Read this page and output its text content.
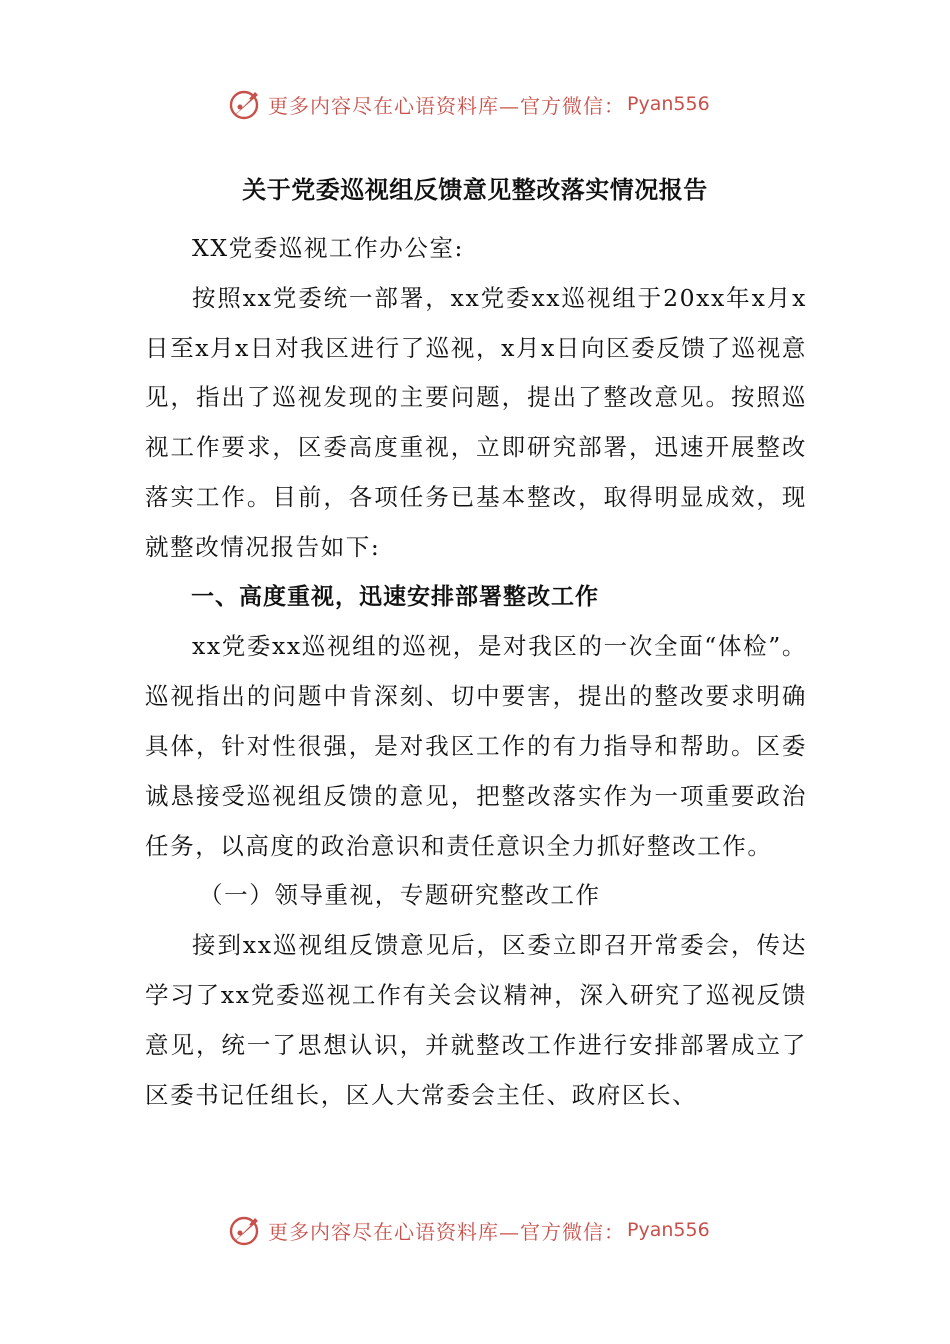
更多内容尽在心语资料库—官方微信： Pyan556
关于党委巡视组反馈意见整改落实情况报告

XX党委巡视工作办公室:

按照xx党委统一部署，xx党委xx巡视组于20xx年x月x日至x月x日对我区进行了巡视，x月x日向区委反馈了巡视意见，指出了巡视发现的主要问题，提出了整改意见。按照巡视工作要求，区委高度重视，立即研究部署，迅速开展整改落实工作。目前，各项任务已基本整改，取得明显成效，现就整改情况报告如下:

一、高度重视，迅速安排部署整改工作

xx党委xx巡视组的巡视，是对我区的一次全面“体检”。巡视指出的问题中肯深刻、切中要害，提出的整改要求明确具体，针对性很强，是对我区工作的有力指导和帮助。区委诚恳接受巡视组反馈的意见，把整改落实作为一项重要政治任务，以高度的政治意识和责任意识全力抓好整改工作。

（一）领导重视，专题研究整改工作

接到xx巡视组反馈意见后，区委立即召开常委会，传达学习了xx党委巡视工作有关会议精神，深入研究了巡视反馈意见，统一了思想认识，并就整改工作进行安排部署成立了区委书记任组长，区人大常委会主任、政府区长、

更多内容尽在心语资料库—官方微信： Pyan556
